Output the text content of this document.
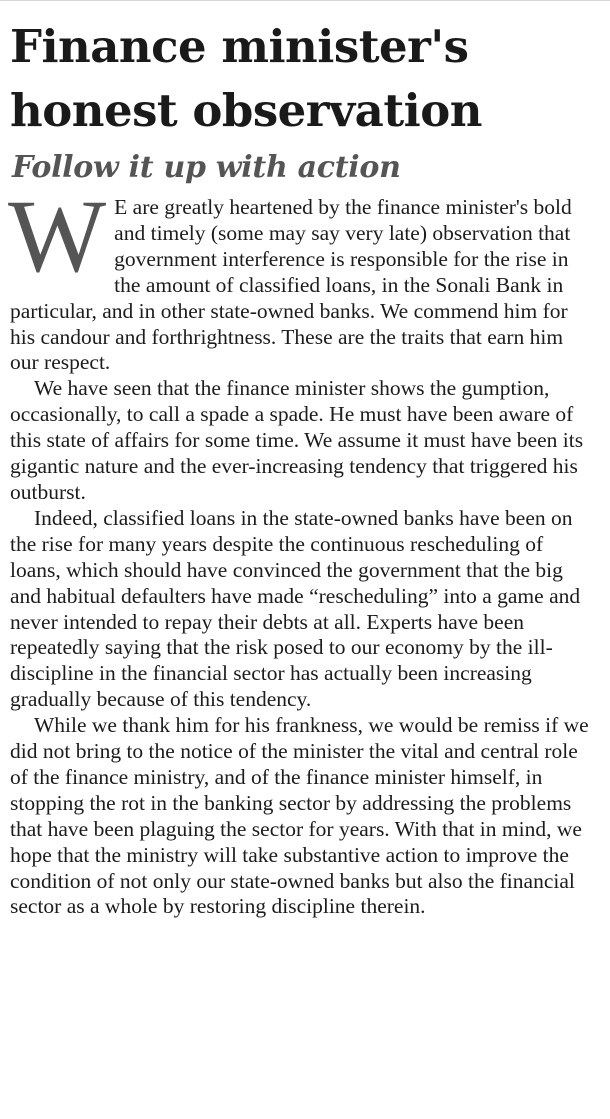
Finance minister's honest observation
Follow it up with action

W E are greatly heartened by the finance minister's bold and timely (some may say very late) observation that government interference is responsible for the rise in the amount of classified loans, in the Sonali Bank in particular, and in other state-owned banks. We commend him for his candour and forthrightness. These are the traits that earn him our respect.

We have seen that the finance minister shows the gumption, occasionally, to call a spade a spade. He must have been aware of this state of affairs for some time. We assume it must have been its gigantic nature and the ever-increasing tendency that triggered his outburst.

Indeed, classified loans in the state-owned banks have been on the rise for many years despite the continuous rescheduling of loans, which should have convinced the government that the big and habitual defaulters have made “rescheduling” into a game and never intended to repay their debts at all. Experts have been repeatedly saying that the risk posed to our economy by the ill-discipline in the financial sector has actually been increasing gradually because of this tendency.

While we thank him for his frankness, we would be remiss if we did not bring to the notice of the minister the vital and central role of the finance ministry, and of the finance minister himself, in stopping the rot in the banking sector by addressing the problems that have been plaguing the sector for years. With that in mind, we hope that the ministry will take substantive action to improve the condition of not only our state-owned banks but also the financial sector as a whole by restoring discipline therein.
